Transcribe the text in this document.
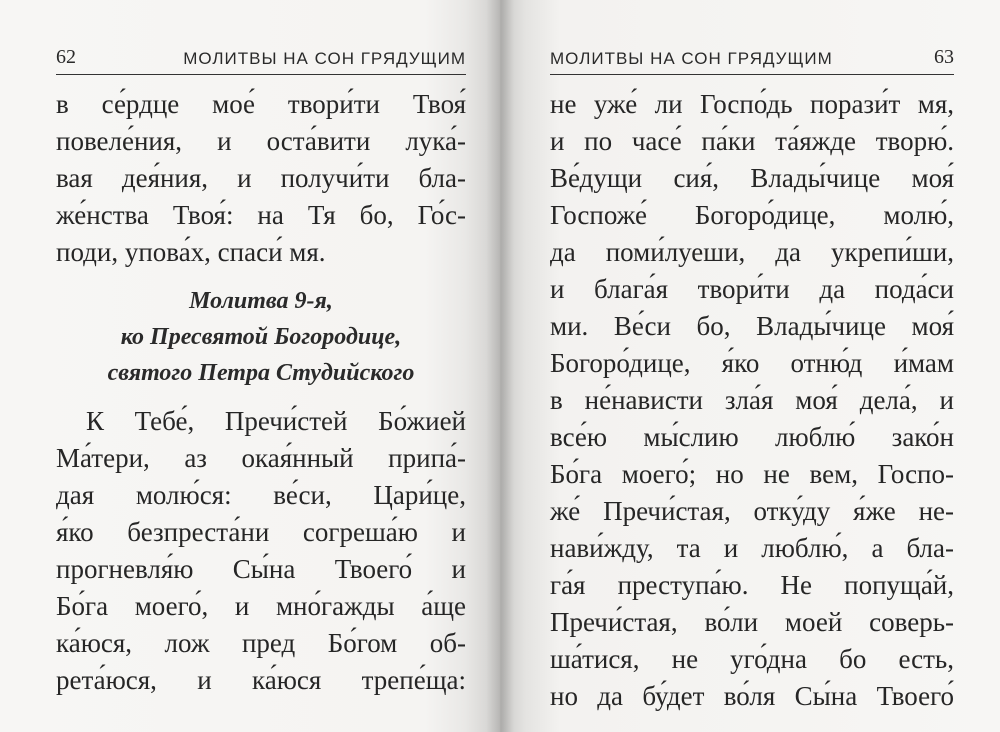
62	МОЛИТВЫ НА СОН ГРЯДУЩИМ
в се́рдце мое́ твори́ти Твоя́
повеле́ния, и оста́вити лука́-
вая дея́ния, и получи́ти бла-
же́нства Твоя́: на Тя бо, Го́с-
поди, упова́х, спаси́ мя.
Молитва 9-я,
ко Пресвятой Богородице,
святого Петра Студийского
К Тебе́, Пречи́стей Бо́жией
Ма́тери, аз окая́нный припа́-
дая молю́ся: ве́си, Цари́це,
я́ко безпреста́ни согреша́ю и
прогневля́ю Сы́на Твоего́ и
Бо́га моего́, и мно́гажды а́ще
ка́юся, лож пред Бо́гом об-
рета́юся, и ка́юся трепе́ща:
МОЛИТВЫ НА СОН ГРЯДУЩИМ	63
не уже́ ли Госпо́дь порази́т мя,
и по часе́ па́ки та́яжде творю́.
Ве́дущи сия́, Влады́чице моя́
Госпоже́ Богоро́дице, молю́,
да поми́луеши, да укрепи́ши,
и блага́я твори́ти да пода́си
ми. Ве́си бо, Влады́чице моя́
Богоро́дице, я́ко отню́д и́мам
в не́нависти зла́я моя́ дела́, и
все́ю мы́слию люблю́ зако́н
Бо́га моего́; но не вем, Госпо-
же́ Пречи́стая, отку́ду я́же не-
нави́жду, та и люблю́, а бла-
га́я преступа́ю. Не попуща́й,
Пречи́стая, во́ли моей соверь-
ша́тися, не уго́дна бо есть,
но да бу́дет во́ля Сы́на Твоего́
